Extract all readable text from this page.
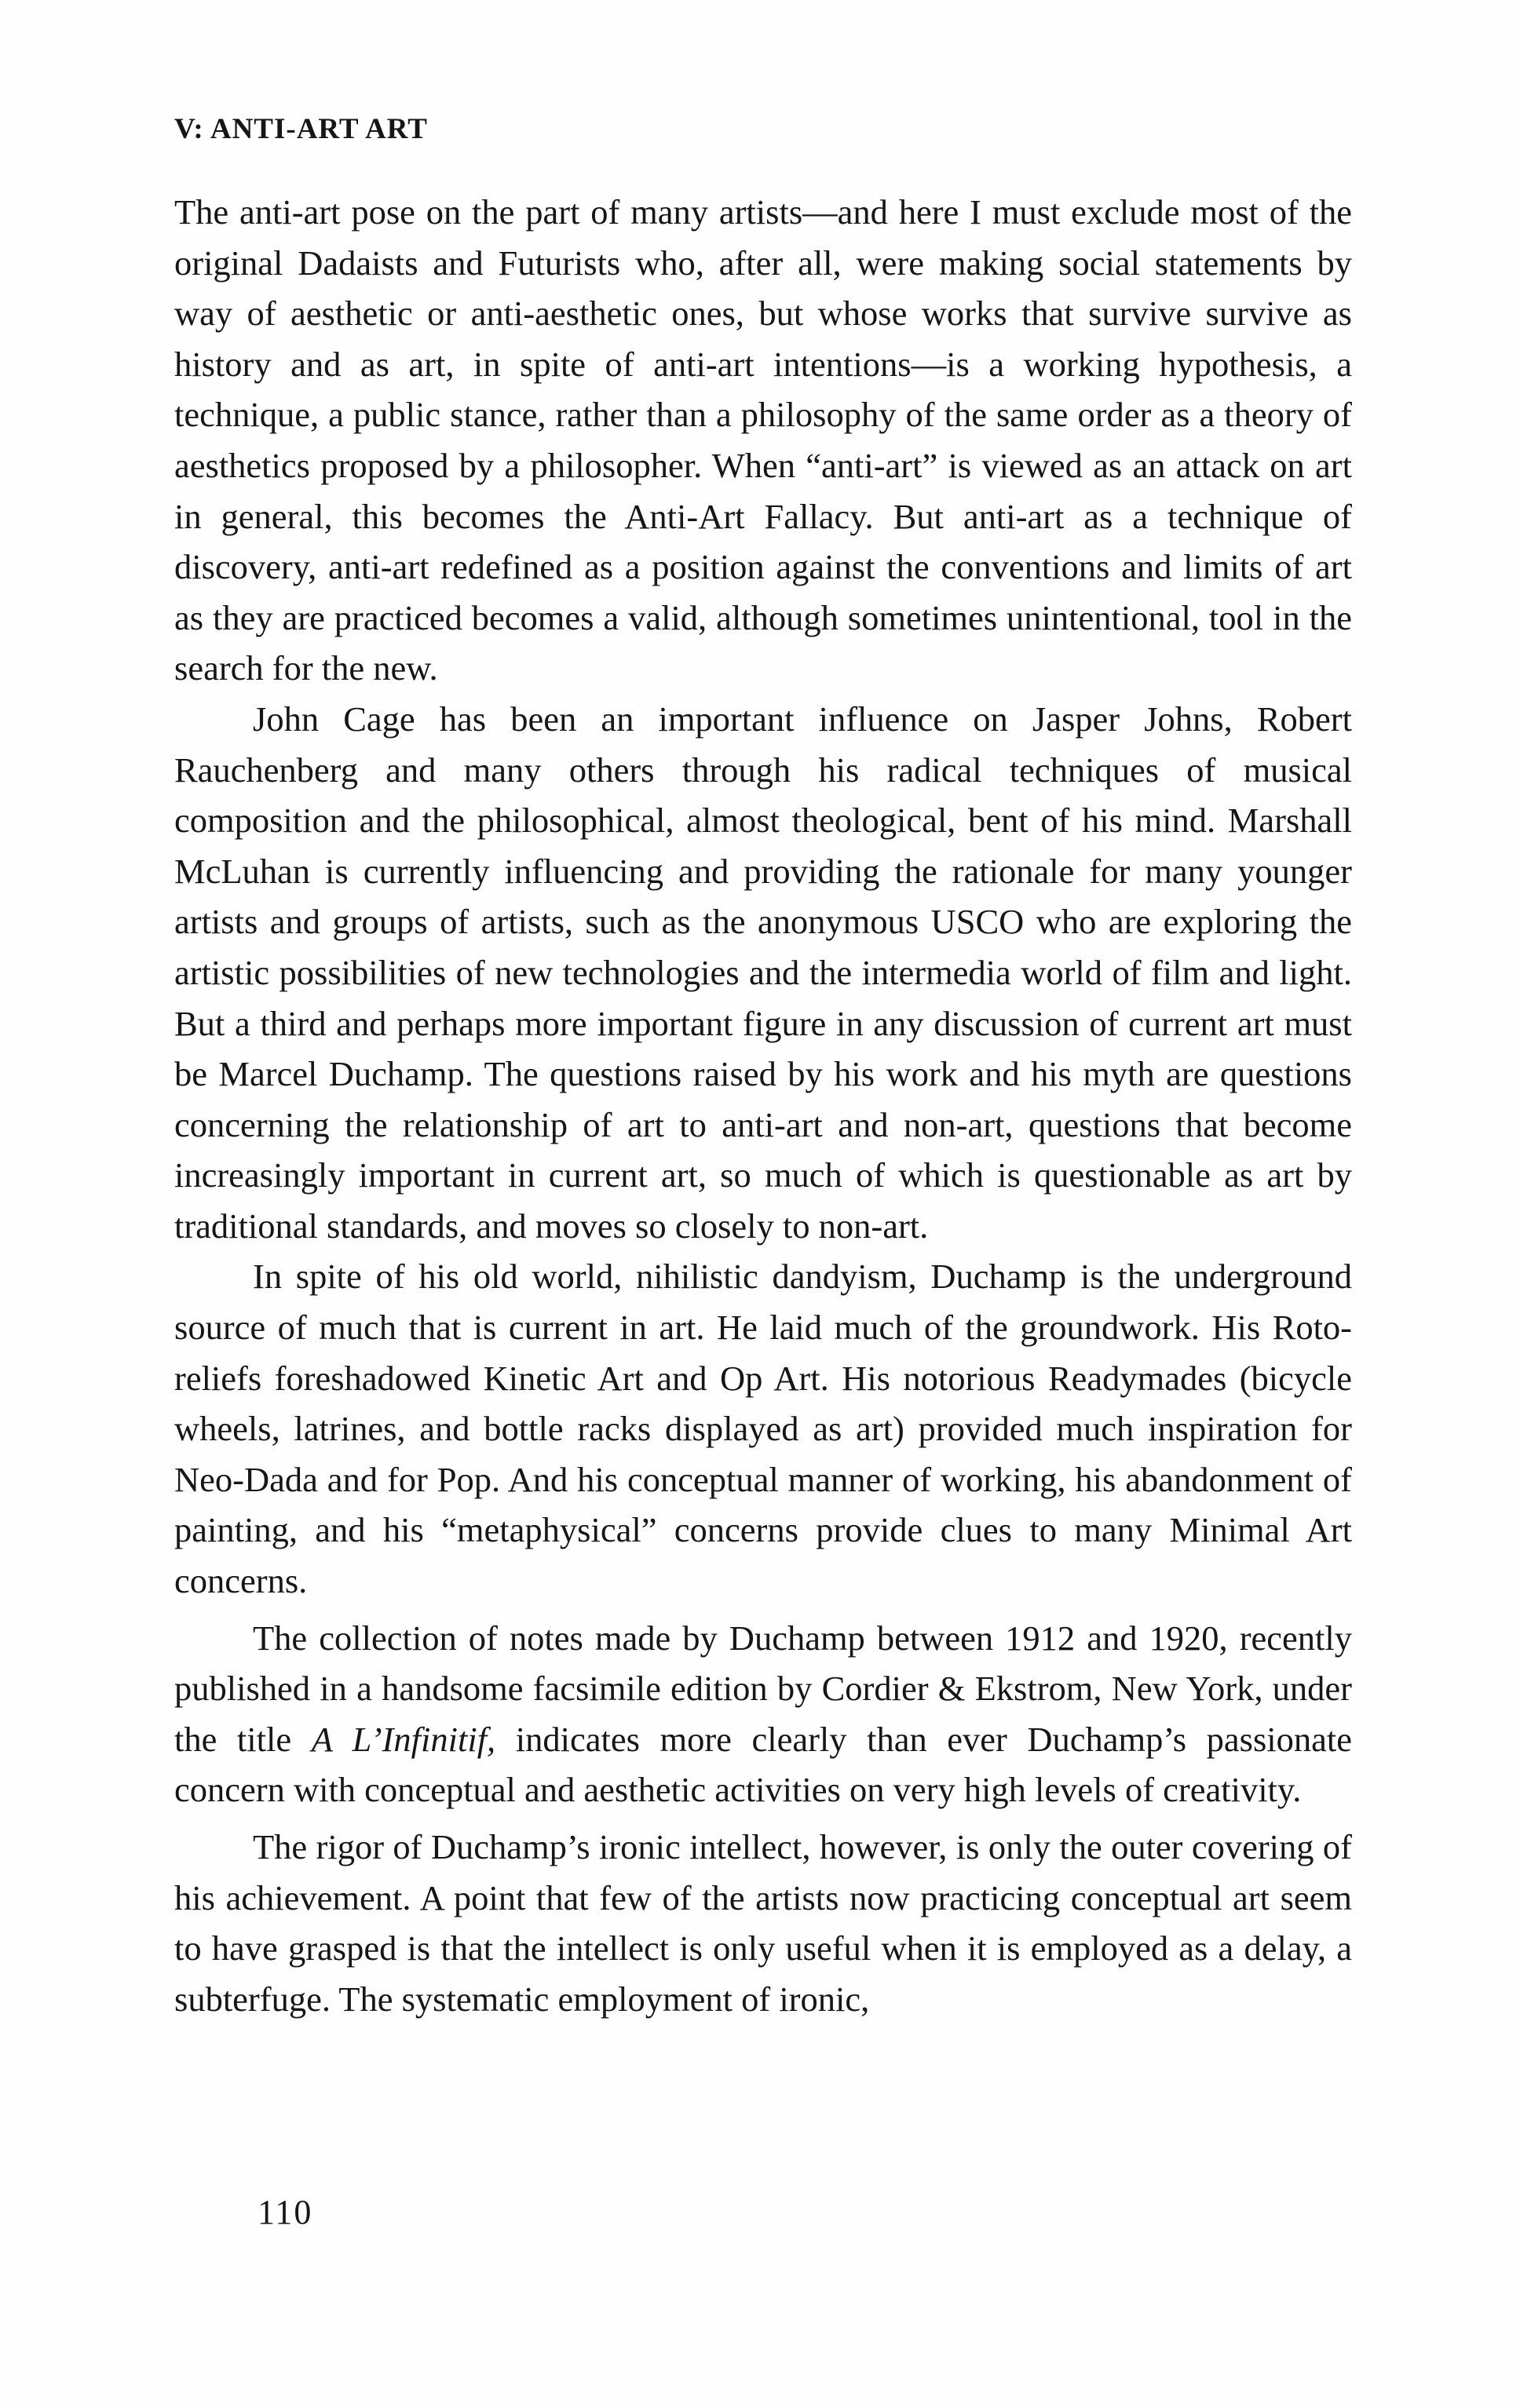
V: ANTI-ART ART

The anti-art pose on the part of many artists—and here I must exclude most of the original Dadaists and Futurists who, after all, were making social statements by way of aesthetic or anti-aesthetic ones, but whose works that survive survive as history and as art, in spite of anti-art intentions—is a working hypothesis, a technique, a public stance, rather than a philosophy of the same order as a theory of aesthetics proposed by a philosopher. When “anti-art” is viewed as an attack on art in general, this becomes the Anti-Art Fallacy. But anti-art as a technique of discovery, anti-art redefined as a position against the conventions and limits of art as they are practiced becomes a valid, although sometimes unintentional, tool in the search for the new.

John Cage has been an important influence on Jasper Johns, Robert Rauchenberg and many others through his radical techniques of musical composition and the philosophical, almost theological, bent of his mind. Marshall McLuhan is currently influencing and providing the rationale for many younger artists and groups of artists, such as the anonymous USCO who are exploring the artistic possibilities of new technologies and the intermedia world of film and light. But a third and perhaps more important figure in any discussion of current art must be Marcel Duchamp. The questions raised by his work and his myth are questions concerning the relationship of art to anti-art and non-art, questions that become increasingly important in current art, so much of which is questionable as art by traditional standards, and moves so closely to non-art.

In spite of his old world, nihilistic dandyism, Duchamp is the underground source of much that is current in art. He laid much of the groundwork. His Roto-reliefs foreshadowed Kinetic Art and Op Art. His notorious Readymades (bicycle wheels, latrines, and bottle racks displayed as art) provided much inspiration for Neo-Dada and for Pop. And his conceptual manner of working, his abandonment of painting, and his “metaphysical” concerns provide clues to many Minimal Art concerns.

The collection of notes made by Duchamp between 1912 and 1920, recently published in a handsome facsimile edition by Cordier & Ekstrom, New York, under the title A L’Infinitif, indicates more clearly than ever Duchamp’s passionate concern with conceptual and aesthetic activities on very high levels of creativity.

The rigor of Duchamp’s ironic intellect, however, is only the outer covering of his achievement. A point that few of the artists now practicing conceptual art seem to have grasped is that the intellect is only useful when it is employed as a delay, a subterfuge. The systematic employment of ironic,

110
